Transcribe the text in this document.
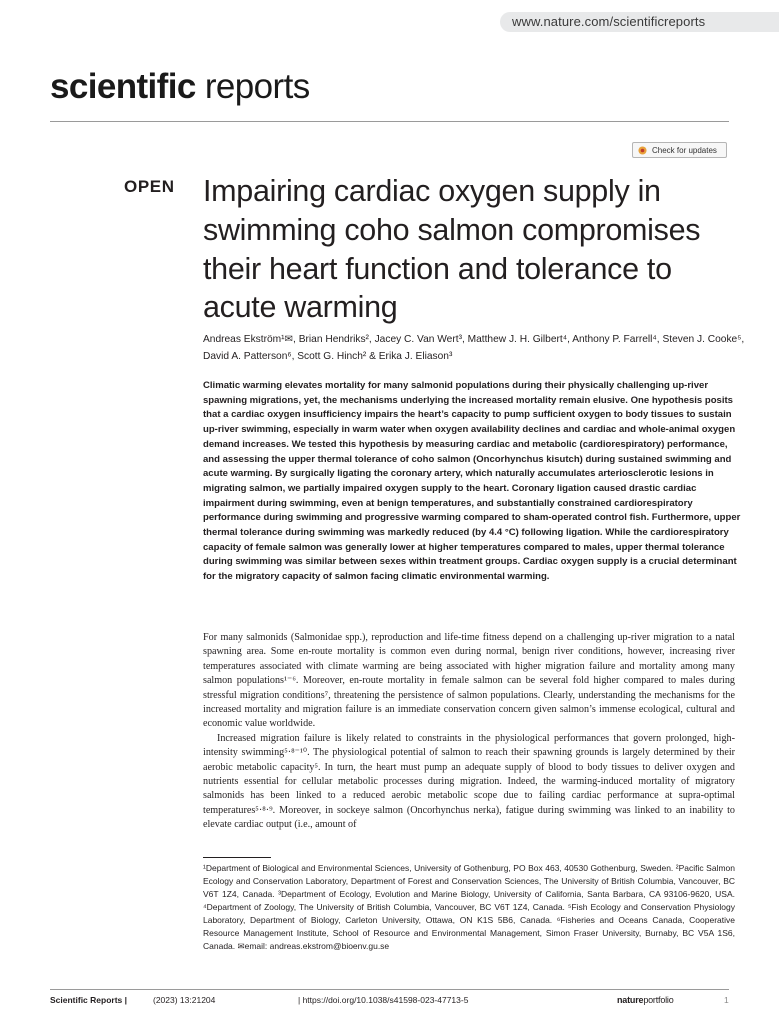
www.nature.com/scientificreports
scientific reports
Check for updates
OPEN Impairing cardiac oxygen supply in swimming coho salmon compromises their heart function and tolerance to acute warming

Andreas Ekström¹✉, Brian Hendriks², Jacey C. Van Wert³, Matthew J. H. Gilbert⁴, Anthony P. Farrell⁴, Steven J. Cooke⁵, David A. Patterson⁶, Scott G. Hinch² & Erika J. Eliason³

Climatic warming elevates mortality for many salmonid populations during their physically challenging up-river spawning migrations, yet, the mechanisms underlying the increased mortality remain elusive. One hypothesis posits that a cardiac oxygen insufficiency impairs the heart’s capacity to pump sufficient oxygen to body tissues to sustain up-river swimming, especially in warm water when oxygen availability declines and cardiac and whole-animal oxygen demand increases. We tested this hypothesis by measuring cardiac and metabolic (cardiorespiratory) performance, and assessing the upper thermal tolerance of coho salmon (Oncorhynchus kisutch) during sustained swimming and acute warming. By surgically ligating the coronary artery, which naturally accumulates arteriosclerotic lesions in migrating salmon, we partially impaired oxygen supply to the heart. Coronary ligation caused drastic cardiac impairment during swimming, even at benign temperatures, and substantially constrained cardiorespiratory performance during swimming and progressive warming compared to sham-operated control fish. Furthermore, upper thermal tolerance during swimming was markedly reduced (by 4.4 °C) following ligation. While the cardiorespiratory capacity of female salmon was generally lower at higher temperatures compared to males, upper thermal tolerance during swimming was similar between sexes within treatment groups. Cardiac oxygen supply is a crucial determinant for the migratory capacity of salmon facing climatic environmental warming.

For many salmonids (Salmonidae spp.), reproduction and life-time fitness depend on a challenging up-river migration to a natal spawning area. Some en-route mortality is common even during normal, benign river conditions, however, increasing river temperatures associated with climate warming are being associated with higher migration failure and mortality among many salmon populations¹⁻⁶. Moreover, en-route mortality in female salmon can be several fold higher compared to males during stressful migration conditions⁷, threatening the persistence of salmon populations. Clearly, understanding the mechanisms for the increased mortality and migration failure is an immediate conservation concern given salmon’s immense ecological, cultural and economic value worldwide.

Increased migration failure is likely related to constraints in the physiological performances that govern prolonged, high-intensity swimming⁵·⁸⁻¹⁰. The physiological potential of salmon to reach their spawning grounds is largely determined by their aerobic metabolic capacity⁵. In turn, the heart must pump an adequate supply of blood to body tissues to deliver oxygen and nutrients essential for cellular metabolic processes during migration. Indeed, the warming-induced mortality of migratory salmonids has been linked to a reduced aerobic metabolic scope due to failing cardiac performance at supra-optimal temperatures⁵·⁸·⁹. Moreover, in sockeye salmon (Oncorhynchus nerka), fatigue during swimming was linked to an inability to elevate cardiac output (i.e., amount of

¹Department of Biological and Environmental Sciences, University of Gothenburg, PO Box 463, 40530 Gothenburg, Sweden. ²Pacific Salmon Ecology and Conservation Laboratory, Department of Forest and Conservation Sciences, The University of British Columbia, Vancouver, BC V6T 1Z4, Canada. ³Department of Ecology, Evolution and Marine Biology, University of California, Santa Barbara, CA 93106-9620, USA. ⁴Department of Zoology, The University of British Columbia, Vancouver, BC V6T 1Z4, Canada. ⁵Fish Ecology and Conservation Physiology Laboratory, Department of Biology, Carleton University, Ottawa, ON K1S 5B6, Canada. ⁶Fisheries and Oceans Canada, Cooperative Resource Management Institute, School of Resource and Environmental Management, Simon Fraser University, Burnaby, BC V5A 1S6, Canada. ✉email: andreas.ekstrom@bioenv.gu.se

Scientific Reports |	(2023) 13:21204	| https://doi.org/10.1038/s41598-023-47713-5	natureportfolio	1
